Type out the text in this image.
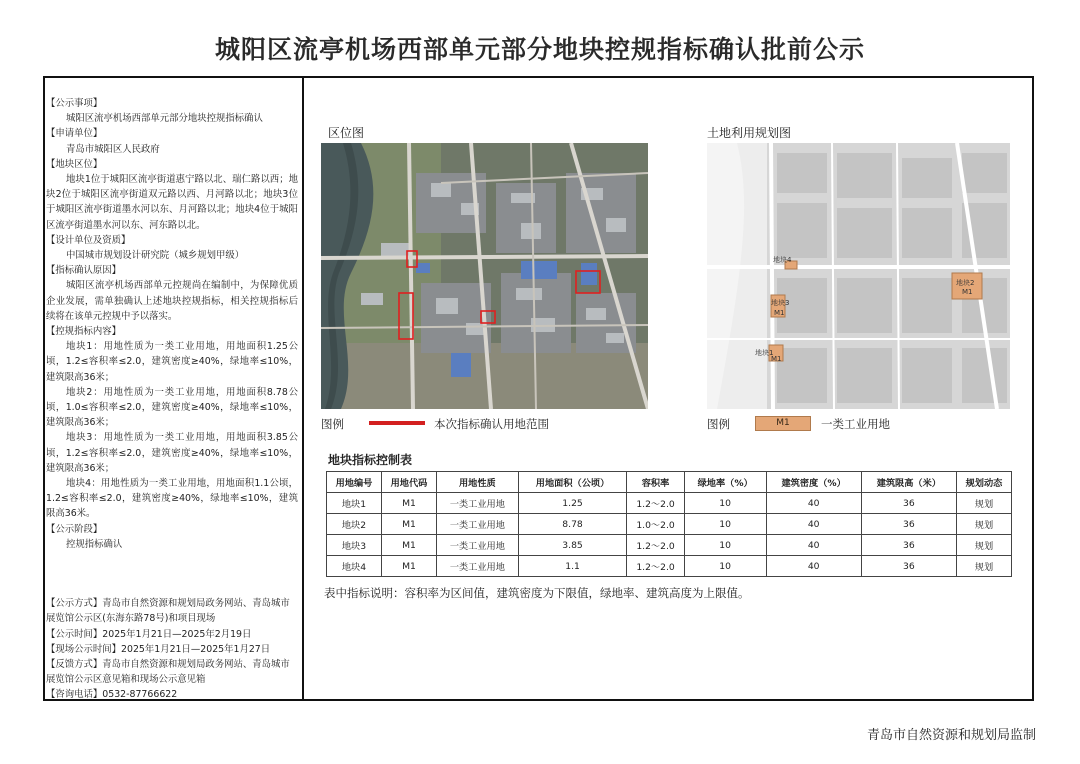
城阳区流亭机场西部单元部分地块控规指标确认批前公示
【公示事项】
城阳区流亭机场西部单元部分地块控规指标确认
【申请单位】
青岛市城阳区人民政府
【地块区位】
地块1位于城阳区流亭街道惠宁路以北、瑞仁路以西；地块2位于城阳区流亭街道双元路以西、月河路以北；地块3位于城阳区流亭街道墨水河以东、月河路以北；地块4位于城阳区流亭街道墨水河以东、河东路以北。
【设计单位及资质】
中国城市规划设计研究院（城乡规划甲级）
【指标确认原因】
城阳区流亭机场西部单元控规尚在编制中，为保障优质企业发展，需单独确认上述地块控规指标，相关控规指标后续将在该单元控规中予以落实。
【控规指标内容】
地块1：用地性质为一类工业用地，用地面积1.25公顷，1.2≤容积率≤2.0，建筑密度≥40%，绿地率≤10%，建筑限高36米；
地块2：用地性质为一类工业用地，用地面积8.78公顷，1.0≤容积率≤2.0，建筑密度≥40%，绿地率≤10%，建筑限高36米；
地块3：用地性质为一类工业用地，用地面积3.85公顷，1.2≤容积率≤2.0，建筑密度≥40%，绿地率≤10%，建筑限高36米；
地块4：用地性质为一类工业用地，用地面积1.1公顷，1.2≤容积率≤2.0，建筑密度≥40%，绿地率≤10%，建筑限高36米。
【公示阶段】
控规指标确认
【公示方式】青岛市自然资源和规划局政务网站、青岛城市展览馆公示区(东海东路78号)和项目现场
【公示时间】2025年1月21日—2025年2月19日
【现场公示时间】2025年1月21日—2025年1月27日
【反馈方式】青岛市自然资源和规划局政务网站、青岛城市展览馆公示区意见箱和现场公示意见箱
【咨询电话】0532-87766622
区位图	土地利用规划图
地块4
地块3
M1
地块2
M1
地块1
M1
图例	本次指标确认用地范围	图例	M1	一类工业用地
地块指标控制表
用地编号	用地代码	用地性质	用地面积（公顷）	容积率	绿地率（%）	建筑密度（%）	建筑限高（米）	规划动态
地块1	M1	一类工业用地	1.25	1.2～2.0	10	40	36	规划
地块2	M1	一类工业用地	8.78	1.0～2.0	10	40	36	规划
地块3	M1	一类工业用地	3.85	1.2～2.0	10	40	36	规划
地块4	M1	一类工业用地	1.1	1.2～2.0	10	40	36	规划
表中指标说明：容积率为区间值，建筑密度为下限值，绿地率、建筑高度为上限值。
青岛市自然资源和规划局监制
